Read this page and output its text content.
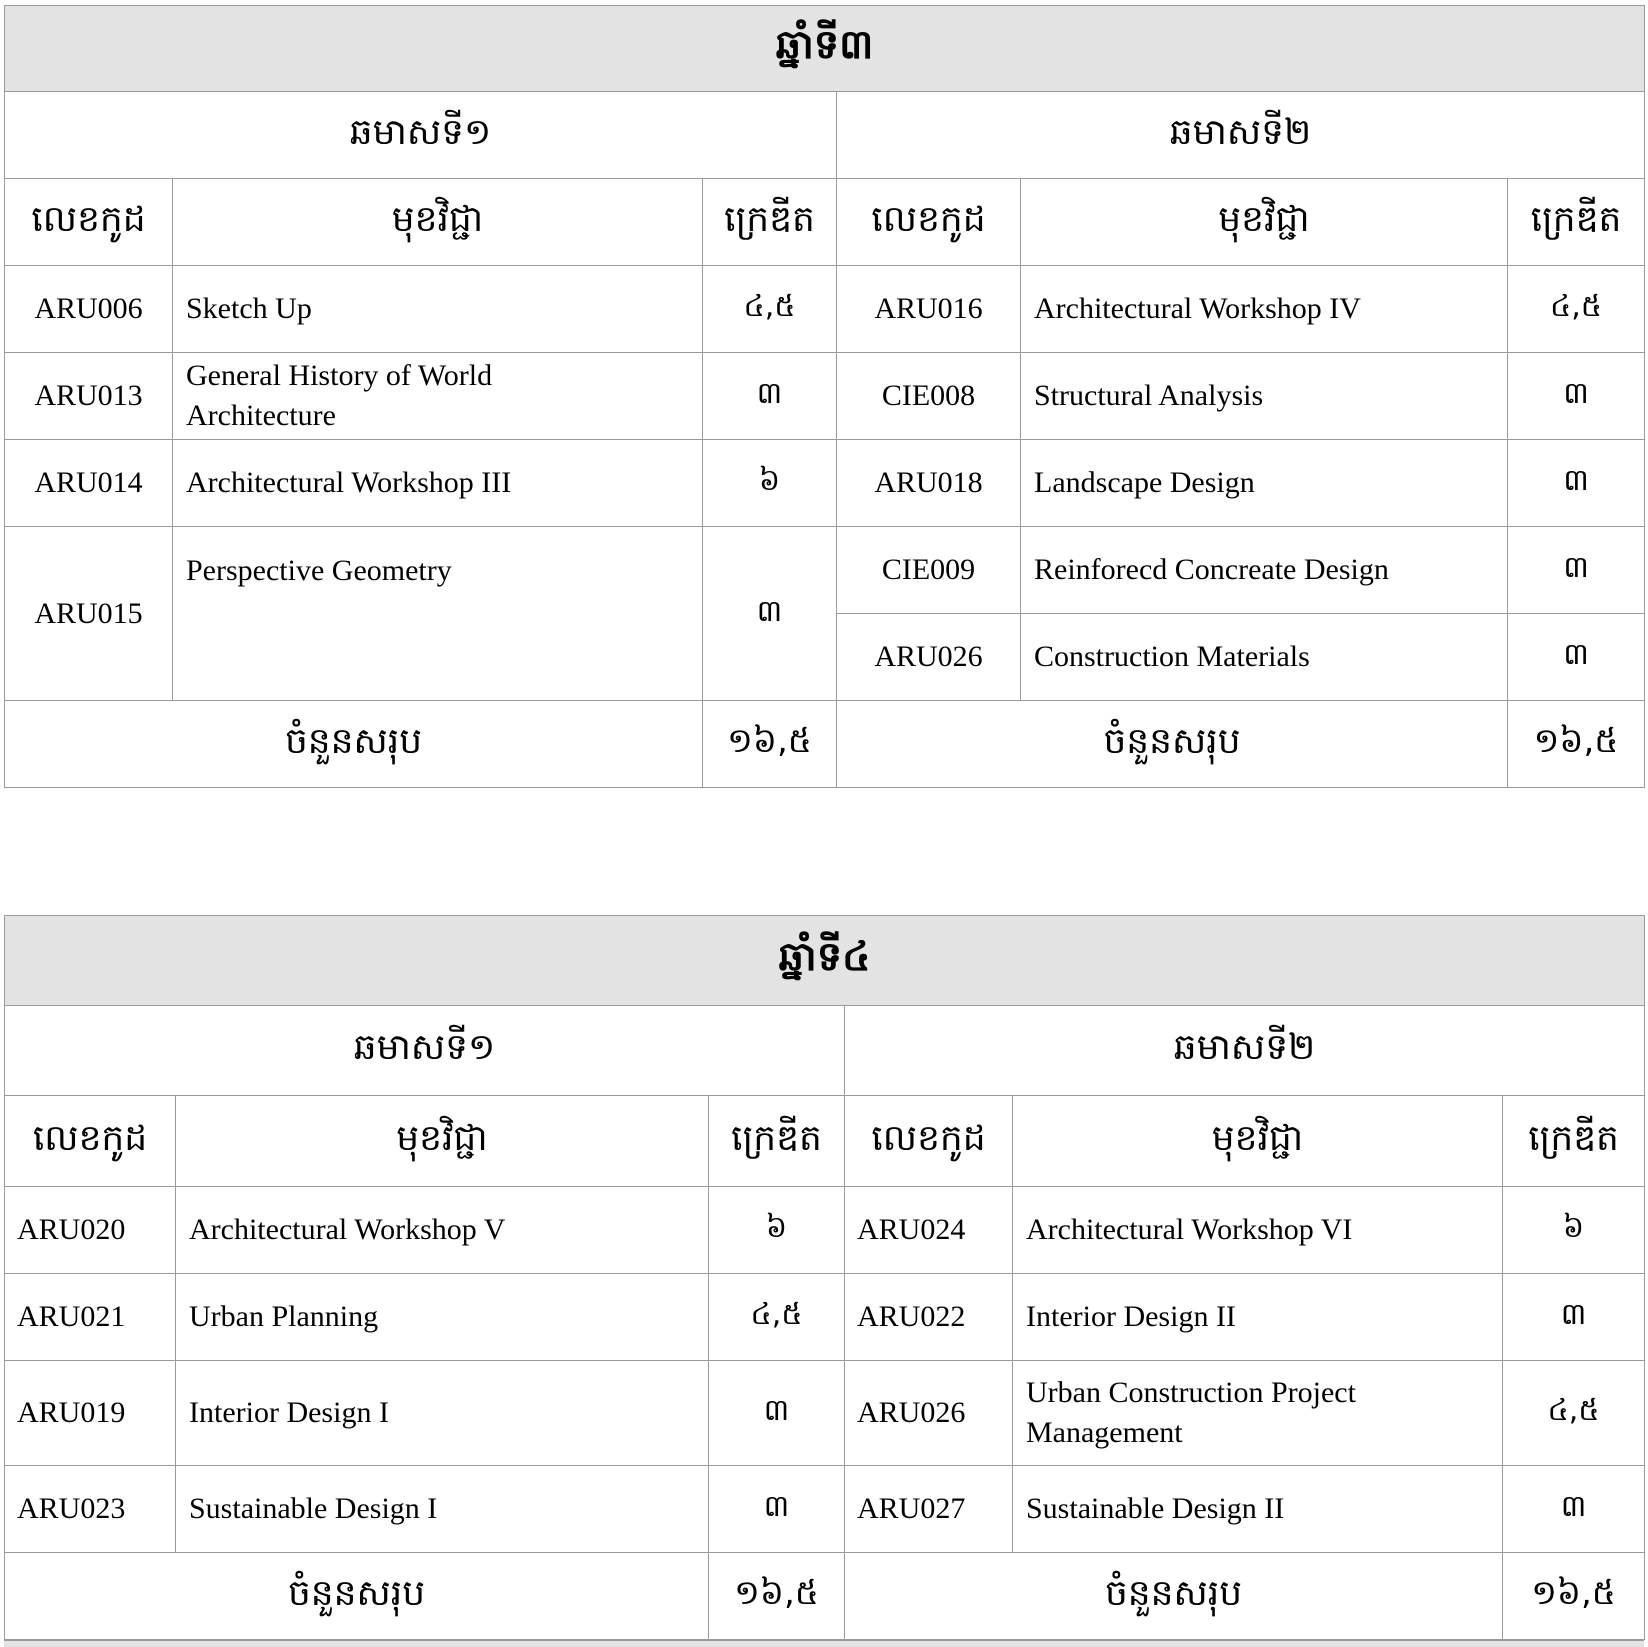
ឆ្នាំទី៣					
ឆមាសទី១			ឆមាសទី២		
លេខកូដ	មុខវិជ្ជា	ក្រេឌីត	លេខកូដ	មុខវិជ្ជា	ក្រេឌីត
ARU006	Sketch Up	៤,៥	ARU016	Architectural Workshop IV	៤,៥
ARU013	General History of World Architecture	៣	CIE008	Structural Analysis	៣
ARU014	Architectural Workshop III	៦	ARU018	Landscape Design	៣
ARU015	Perspective Geometry	៣	CIE009	Reinforecd Concreate Design	៣
			ARU026	Construction Materials	៣
ចំនួនសរុប		១៦,៥	ចំនួនសរុប		១៦,៥
ឆ្នាំទី៤					
ឆមាសទី១			ឆមាសទី២		
លេខកូដ	មុខវិជ្ជា	ក្រេឌីត	លេខកូដ	មុខវិជ្ជា	ក្រេឌីត
ARU020	Architectural Workshop V	៦	ARU024	Architectural Workshop VI	៦
ARU021	Urban Planning	៤,៥	ARU022	Interior Design II	៣
ARU019	Interior Design I	៣	ARU026	Urban Construction Project Management	៤,៥
ARU023	Sustainable Design I	៣	ARU027	Sustainable Design II	៣
ចំនួនសរុប		១៦,៥	ចំនួនសរុប		១៦,៥
